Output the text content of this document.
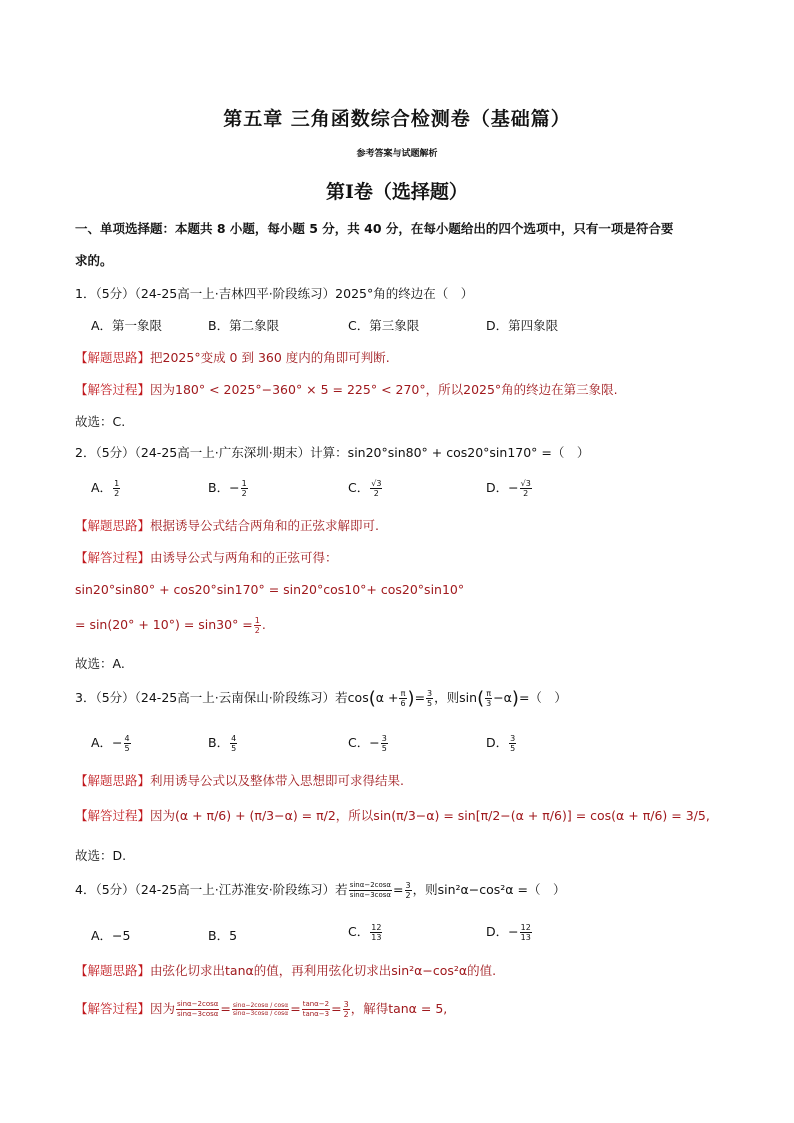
第五章 三角函数综合检测卷（基础篇）
参考答案与试题解析
第Ⅰ卷（选择题）
一、单项选择题：本题共 8 小题，每小题 5 分，共 40 分，在每小题给出的四个选项中，只有一项是符合要
求的。
1．（5分）（24-25高一上·吉林四平·阶段练习）2025°角的终边在（　）
A．第一象限	B．第二象限	C．第三象限	D．第四象限
【解题思路】把2025°变成 0 到 360 度内的角即可判断.
【解答过程】因为180° < 2025°−360° × 5 = 225° < 270°，所以2025°角的终边在第三象限.
故选：C.
2．（5分）（24-25高一上·广东深圳·期末）计算：sin20°sin80° + cos20°sin170° =（　）
A． $\frac{1}{2}$	B．− $\frac{1}{2}$	C． $\frac{√3}{2}$	D．− $\frac{√3}{2}$
【解题思路】根据诱导公式结合两角和的正弦求解即可.
【解答过程】由诱导公式与两角和的正弦可得：
sin20°sin80° + cos20°sin170° = sin20°cos10°+ cos20°sin10°
= $\sin(20^\circ + 10^\circ) = \sin 30^\circ = \frac{1}{2}$ .
故选：A.
3．（5分）（24-25高一上·云南保山·阶段练习）若$\cos(\alpha + \frac{\pi}{6}$ )= $\frac{3}{5}$ ，则$\sin( \frac{\pi}{3} -\alpha)=$（　）
A．− $\frac{4}{5}$	B． $\frac{4}{5}$	C．− $\frac{3}{5}$	D． $\frac{3}{5}$
【解题思路】利用诱导公式以及整体带入思想即可求得结果.
【解答过程】因为(α + π/6) + (π/3−α) = π/2，所以sin(π/3−α) = sin[π/2−(α + π/6)] = cos(α + π/6) = 3/5,
故选：D.
4．（5分）（24-25高一上·江苏淮安·阶段练习）若 $\frac{\sin\alpha-2\cos\alpha}{\sin\alpha-3\cos\alpha} = \frac{3}{2}$ ，则sin²α−cos²α =（　）
A．−5	B．5	C． $\frac{12}{13}$	D．− $\frac{12}{13}$
【解题思路】由弦化切求出tanα的值，再利用弦化切求出sin²α−cos²α的值.
【解答过程】因为 $\frac{\sin\alpha-2\cos\alpha}{\sin\alpha-3\cos\alpha} = \frac{\sin\alpha-2\cos\alpha / \cos\alpha}{\sin\alpha-3\cos\alpha / \cos\alpha} = \frac{\tan\alpha-2}{\tan\alpha-3} = \frac{3}{2}$ ，解得tanα = 5,
